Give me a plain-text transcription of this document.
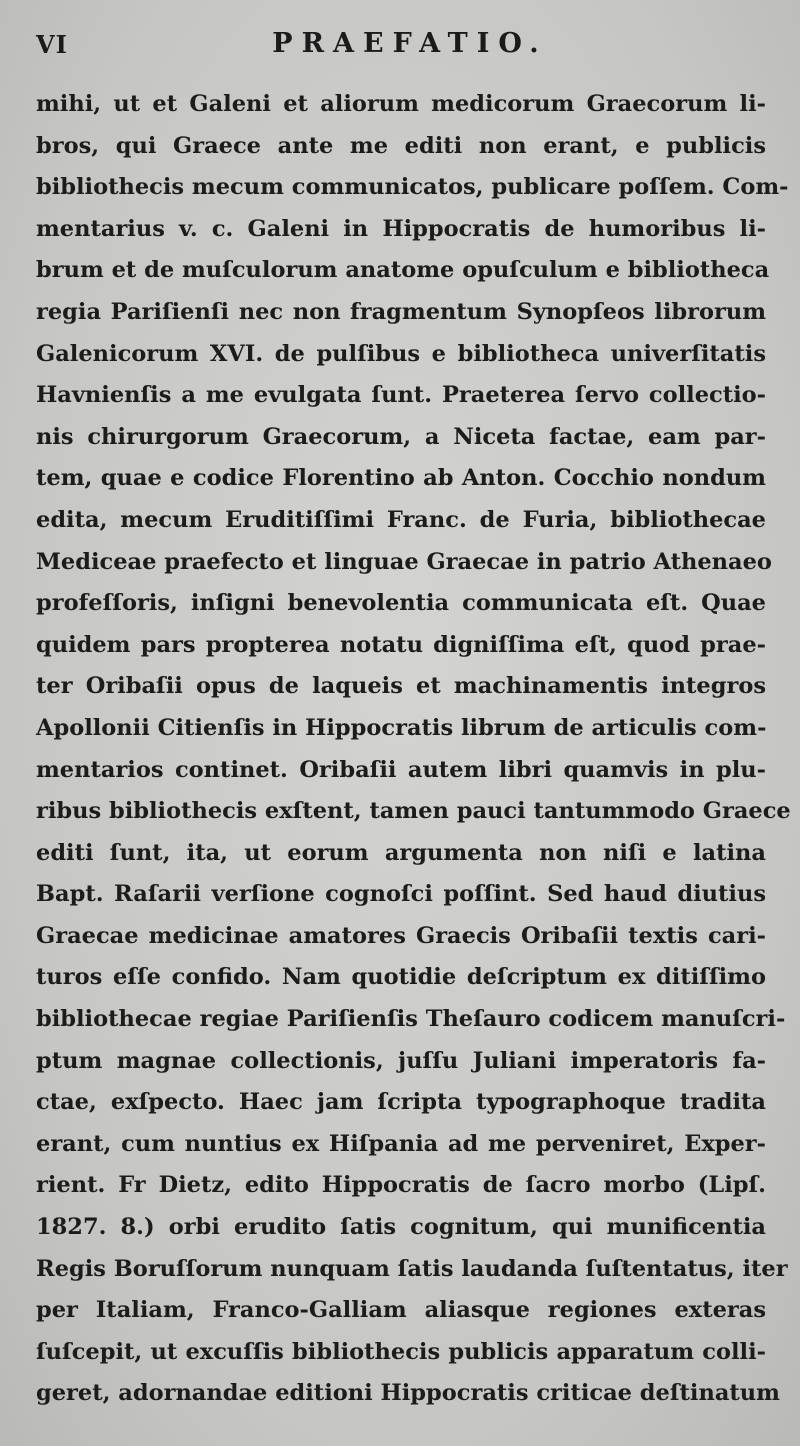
VI	PRAEFATIO.
mihi, ut et Galeni et aliorum medicorum Graecorum li-
bros, qui Graece ante me editi non erant, e publicis
bibliothecis mecum communicatos, publicare poſſem. Com-
mentarius v. c. Galeni in Hippocratis de humoribus li-
brum et de muſculorum anatome opuſculum e bibliotheca
regia Pariſienſi nec non fragmentum Synopſeos librorum
Galenicorum XVI. de pulſibus e bibliotheca univerſitatis
Havnienſis a me evulgata ſunt. Praeterea ſervo collectio-
nis chirurgorum Graecorum, a Niceta factae, eam par-
tem, quae e codice Florentino ab Anton. Cocchio nondum
edita, mecum Eruditiſſimi Franc. de Furia, bibliothecae
Mediceae praefecto et linguae Graecae in patrio Athenaeo
profeſſoris, inſigni benevolentia communicata eſt. Quae
quidem pars propterea notatu digniſſima eſt, quod prae-
ter Oribaſii opus de laqueis et machinamentis integros
Apollonii Citienſis in Hippocratis librum de articulis com-
mentarios continet. Oribaſii autem libri quamvis in plu-
ribus bibliothecis exſtent, tamen pauci tantummodo Graece
editi ſunt, ita, ut eorum argumenta non niſi e latina
Bapt. Raſarii verſione cognoſci poſſint. Sed haud diutius
Graecae medicinae amatores Graecis Oribaſii textis cari-
turos eſſe confido. Nam quotidie deſcriptum ex ditiſſimo
bibliothecae regiae Pariſienſis Theſauro codicem manuſcri-
ptum magnae collectionis, juſſu Juliani imperatoris fa-
ctae, exſpecto. Haec jam ſcripta typographoque tradita
erant, cum nuntius ex Hiſpania ad me perveniret, Exper-
rient. Fr Dietz, edito Hippocratis de ſacro morbo (Lipſ.
1827. 8.) orbi erudito ſatis cognitum, qui munificentia
Regis Boruſſorum nunquam ſatis laudanda ſuſtentatus, iter
per Italiam, Franco-Galliam aliasque regiones exteras
ſuſcepit, ut excuſſis bibliothecis publicis apparatum colli-
geret, adornandae editioni Hippocratis criticae deſtinatum
